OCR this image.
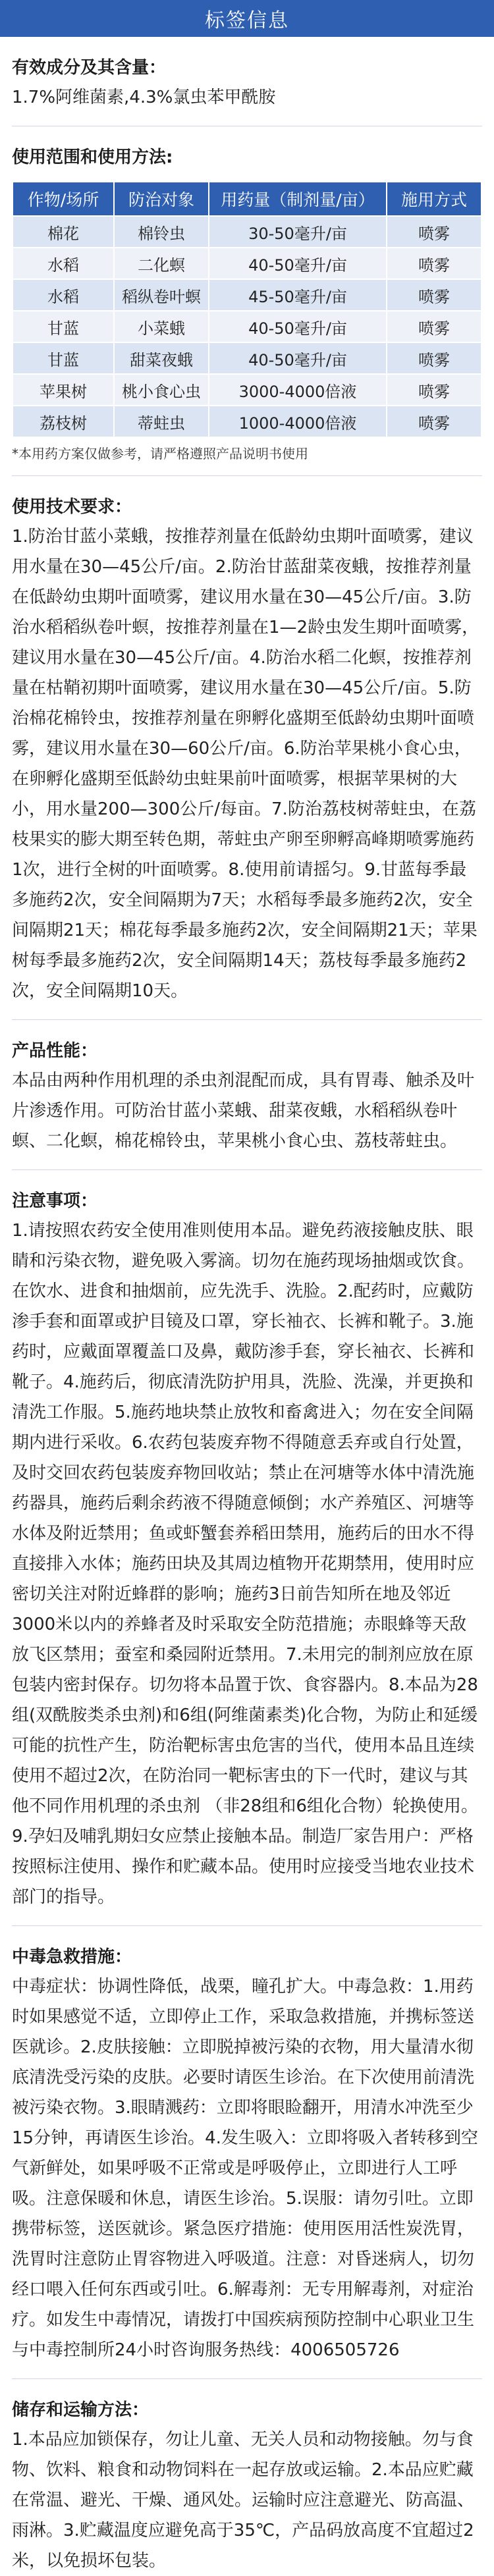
标签信息
有效成分及其含量：
1.7%阿维菌素,4.3%氯虫苯甲酰胺
使用范围和使用方法:
作物/场所	防治对象	用药量（制剂量/亩）	施用方式
棉花	棉铃虫	30-50毫升/亩	喷雾
水稻	二化螟	40-50毫升/亩	喷雾
水稻	稻纵卷叶螟	45-50毫升/亩	喷雾
甘蓝	小菜蛾	40-50毫升/亩	喷雾
甘蓝	甜菜夜蛾	40-50毫升/亩	喷雾
苹果树	桃小食心虫	3000-4000倍液	喷雾
荔枝树	蒂蛀虫	1000-4000倍液	喷雾
*本用药方案仅做参考，请严格遵照产品说明书使用
使用技术要求：
1.防治甘蓝小菜蛾，按推荐剂量在低龄幼虫期叶面喷雾，建议用水量在30—45公斤/亩。2.防治甘蓝甜菜夜蛾，按推荐剂量在低龄幼虫期叶面喷雾，建议用水量在30—45公斤/亩。3.防治水稻稻纵卷叶螟，按推荐剂量在1—2龄虫发生期叶面喷雾，建议用水量在30—45公斤/亩。4.防治水稻二化螟，按推荐剂量在枯鞘初期叶面喷雾，建议用水量在30—45公斤/亩。5.防治棉花棉铃虫，按推荐剂量在卵孵化盛期至低龄幼虫期叶面喷雾，建议用水量在30—60公斤/亩。6.防治苹果桃小食心虫，在卵孵化盛期至低龄幼虫蛀果前叶面喷雾，根据苹果树的大小，用水量200—300公斤/每亩。7.防治荔枝树蒂蛀虫，在荔枝果实的膨大期至转色期，蒂蛀虫产卵至卵孵高峰期喷雾施药1次，进行全树的叶面喷雾。8.使用前请摇匀。9.甘蓝每季最多施药2次，安全间隔期为7天；水稻每季最多施药2次，安全间隔期21天；棉花每季最多施药2次，安全间隔期21天；苹果树每季最多施药2次，安全间隔期14天；荔枝每季最多施药2次，安全间隔期10天。
产品性能：
本品由两种作用机理的杀虫剂混配而成，具有胃毒、触杀及叶片渗透作用。可防治甘蓝小菜蛾、甜菜夜蛾，水稻稻纵卷叶螟、二化螟，棉花棉铃虫，苹果桃小食心虫、荔枝蒂蛀虫。
注意事项：
1.请按照农药安全使用准则使用本品。避免药液接触皮肤、眼睛和污染衣物，避免吸入雾滴。切勿在施药现场抽烟或饮食。在饮水、进食和抽烟前，应先洗手、洗脸。2.配药时，应戴防渗手套和面罩或护目镜及口罩，穿长袖衣、长裤和靴子。3.施药时，应戴面罩覆盖口及鼻，戴防渗手套，穿长袖衣、长裤和靴子。4.施药后，彻底清洗防护用具，洗脸、洗澡，并更换和清洗工作服。5.施药地块禁止放牧和畜禽进入；勿在安全间隔期内进行采收。6.农药包装废弃物不得随意丢弃或自行处置，及时交回农药包装废弃物回收站；禁止在河塘等水体中清洗施药器具，施药后剩余药液不得随意倾倒；水产养殖区、河塘等水体及附近禁用；鱼或虾蟹套养稻田禁用，施药后的田水不得直接排入水体；施药田块及其周边植物开花期禁用，使用时应密切关注对附近蜂群的影响；施药3日前告知所在地及邻近3000米以内的养蜂者及时采取安全防范措施；赤眼蜂等天敌放飞区禁用；蚕室和桑园附近禁用。7.未用完的制剂应放在原包装内密封保存。切勿将本品置于饮、食容器内。8.本品为28组(双酰胺类杀虫剂)和6组(阿维菌素类)化合物，为防止和延缓可能的抗性产生，防治靶标害虫危害的当代，使用本品且连续使用不超过2次，在防治同一靶标害虫的下一代时，建议与其他不同作用机理的杀虫剂 （非28组和6组化合物）轮换使用。9.孕妇及哺乳期妇女应禁止接触本品。制造厂家告用户：严格按照标注使用、操作和贮藏本品。使用时应接受当地农业技术部门的指导。
中毒急救措施：
中毒症状：协调性降低，战栗，瞳孔扩大。中毒急救：1.用药时如果感觉不适，立即停止工作，采取急救措施，并携标签送医就诊。2.皮肤接触：立即脱掉被污染的衣物，用大量清水彻底清洗受污染的皮肤。必要时请医生诊治。在下次使用前清洗被污染衣物。3.眼睛溅药：立即将眼睑翻开，用清水冲洗至少15分钟，再请医生诊治。4.发生吸入：立即将吸入者转移到空气新鲜处，如果呼吸不正常或是呼吸停止，立即进行人工呼吸。注意保暖和休息，请医生诊治。5.误服：请勿引吐。立即携带标签，送医就诊。紧急医疗措施：使用医用活性炭洗胃，洗胃时注意防止胃容物进入呼吸道。注意：对昏迷病人，切勿经口喂入任何东西或引吐。6.解毒剂：无专用解毒剂，对症治疗。如发生中毒情况，请拨打中国疾病预防控制中心职业卫生与中毒控制所24小时咨询服务热线：4006505726
储存和运输方法：
1.本品应加锁保存，勿让儿童、无关人员和动物接触。勿与食物、饮料、粮食和动物饲料在一起存放或运输。2.本品应贮藏在常温、避光、干燥、通风处。运输时应注意避光、防高温、雨淋。3.贮藏温度应避免高于35℃，产品码放高度不宜超过2米，以免损坏包装。
